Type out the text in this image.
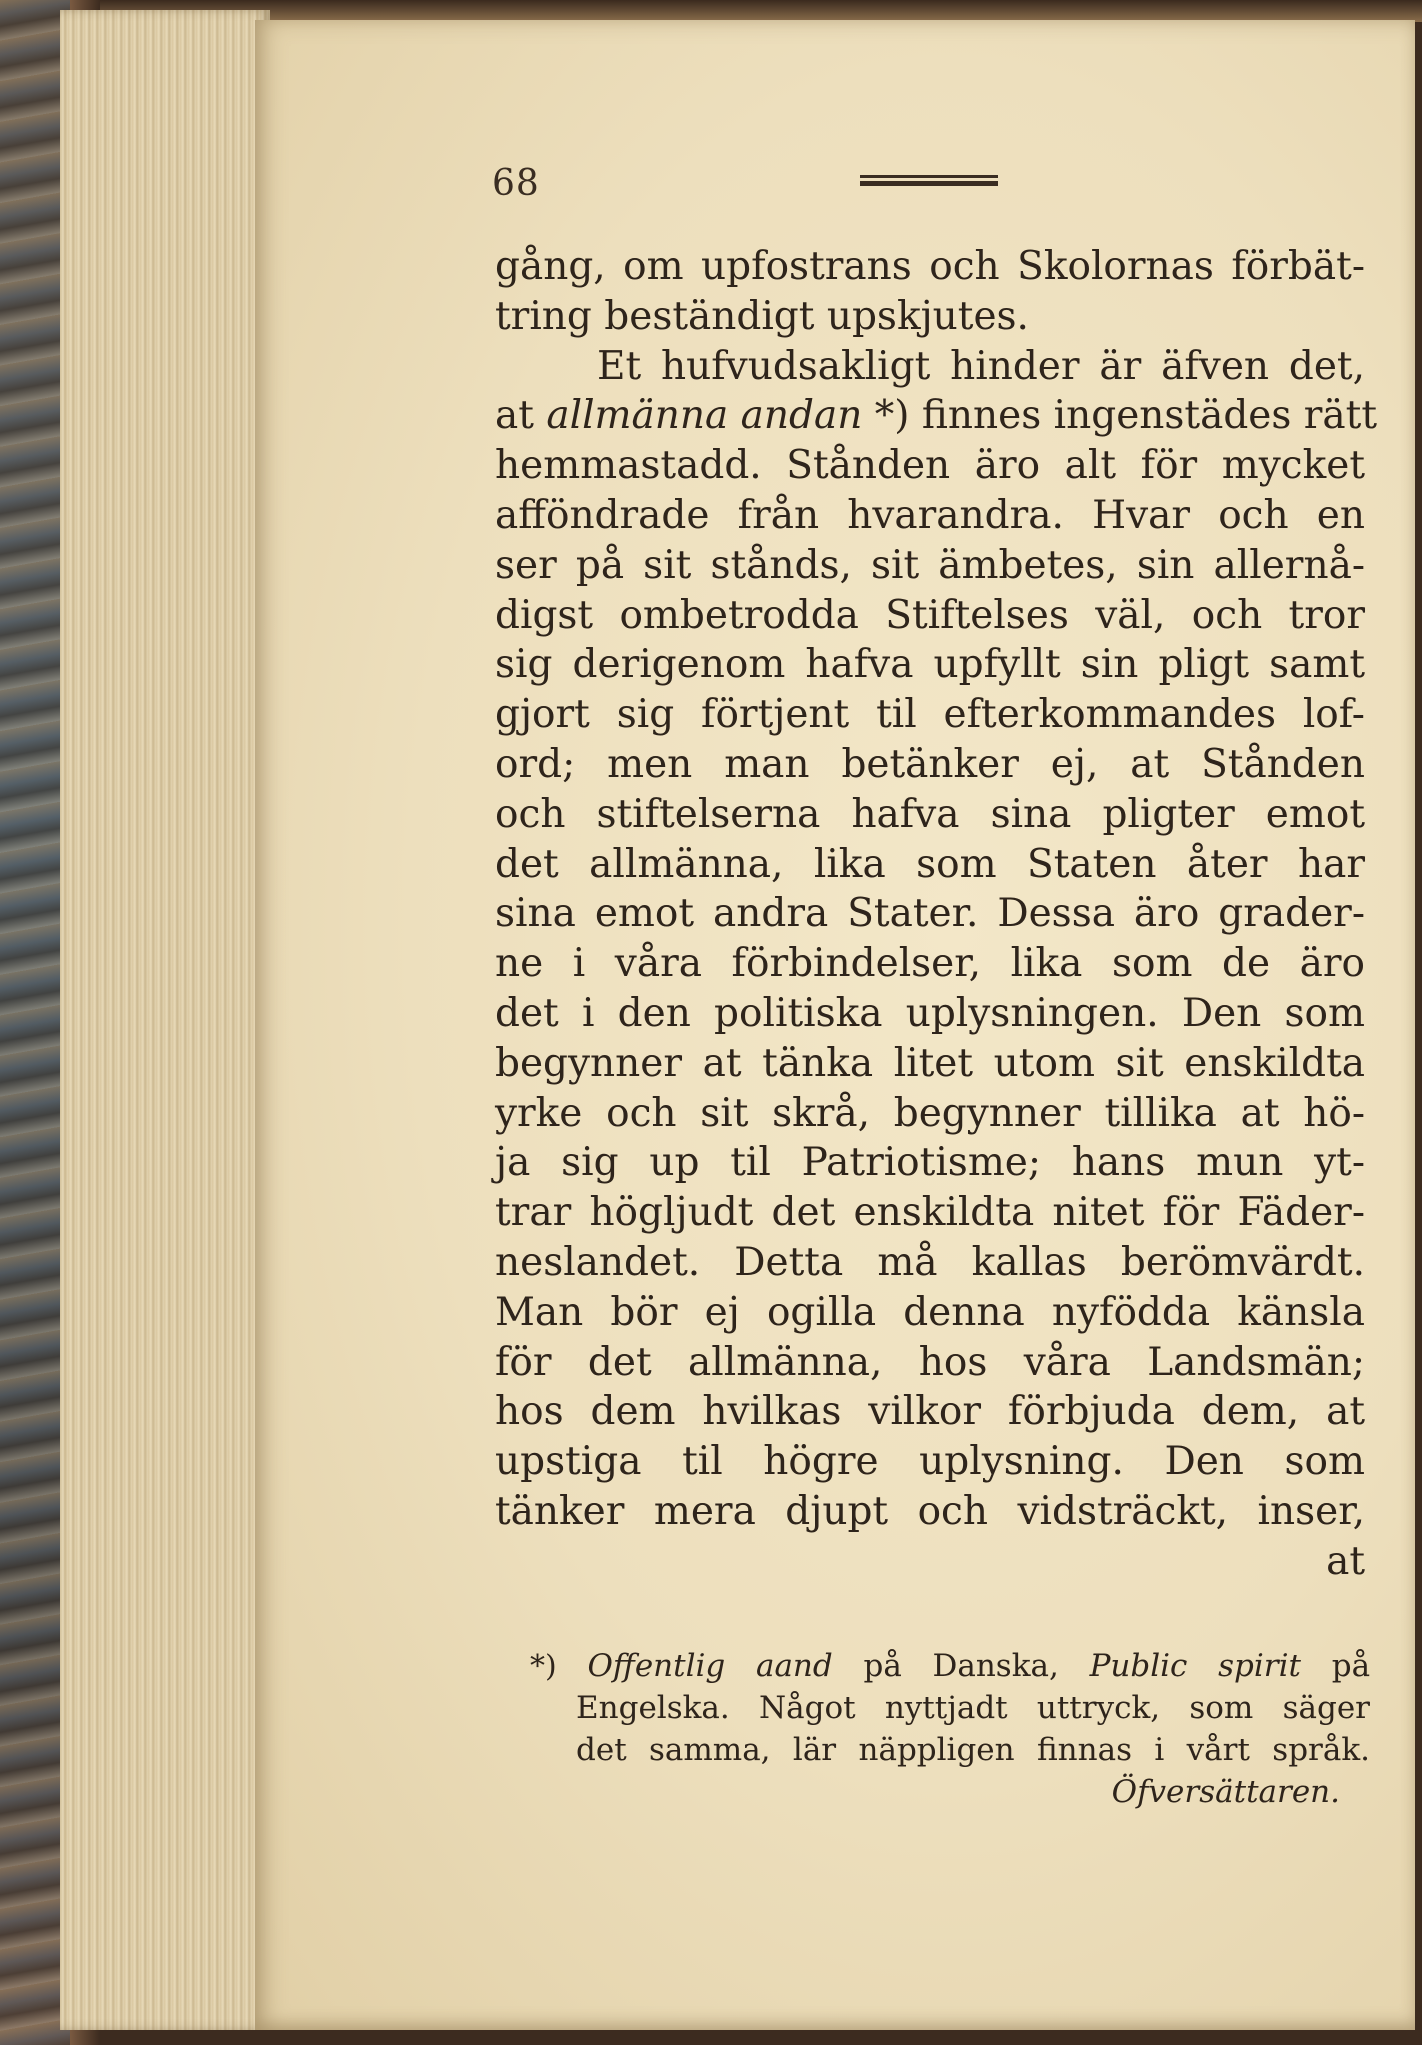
68
gång, om upfostrans och Skolornas förbät-
tring beständigt upskjutes.
Et hufvudsakligt hinder är äfven det,
at allmänna andan *) finnes ingenstädes rätt
hemmastadd. Stånden äro alt för mycket
afföndrade från hvarandra. Hvar och en
ser på sit stånds, sit ämbetes, sin allernå-
digst ombetrodda Stiftelses väl, och tror
sig derigenom hafva upfyllt sin pligt samt
gjort sig förtjent til efterkommandes lof-
ord; men man betänker ej, at Stånden
och stiftelserna hafva sina pligter emot
det allmänna, lika som Staten åter har
sina emot andra Stater. Dessa äro grader-
ne i våra förbindelser, lika som de äro
det i den politiska uplysningen. Den som
begynner at tänka litet utom sit enskildta
yrke och sit skrå, begynner tillika at hö-
ja sig up til Patriotisme; hans mun yt-
trar högljudt det enskildta nitet för Fäder-
neslandet. Detta må kallas berömvärdt.
Man bör ej ogilla denna nyfödda känsla
för det allmänna, hos våra Landsmän;
hos dem hvilkas vilkor förbjuda dem, at
upstiga til högre uplysning. Den som
tänker mera djupt och vidsträckt, inser,
at
*) Offentlig aand på Danska, Public spirit på
Engelska. Något nyttjadt uttryck, som säger
det samma, lär näppligen finnas i vårt språk.
Öfversättaren.
